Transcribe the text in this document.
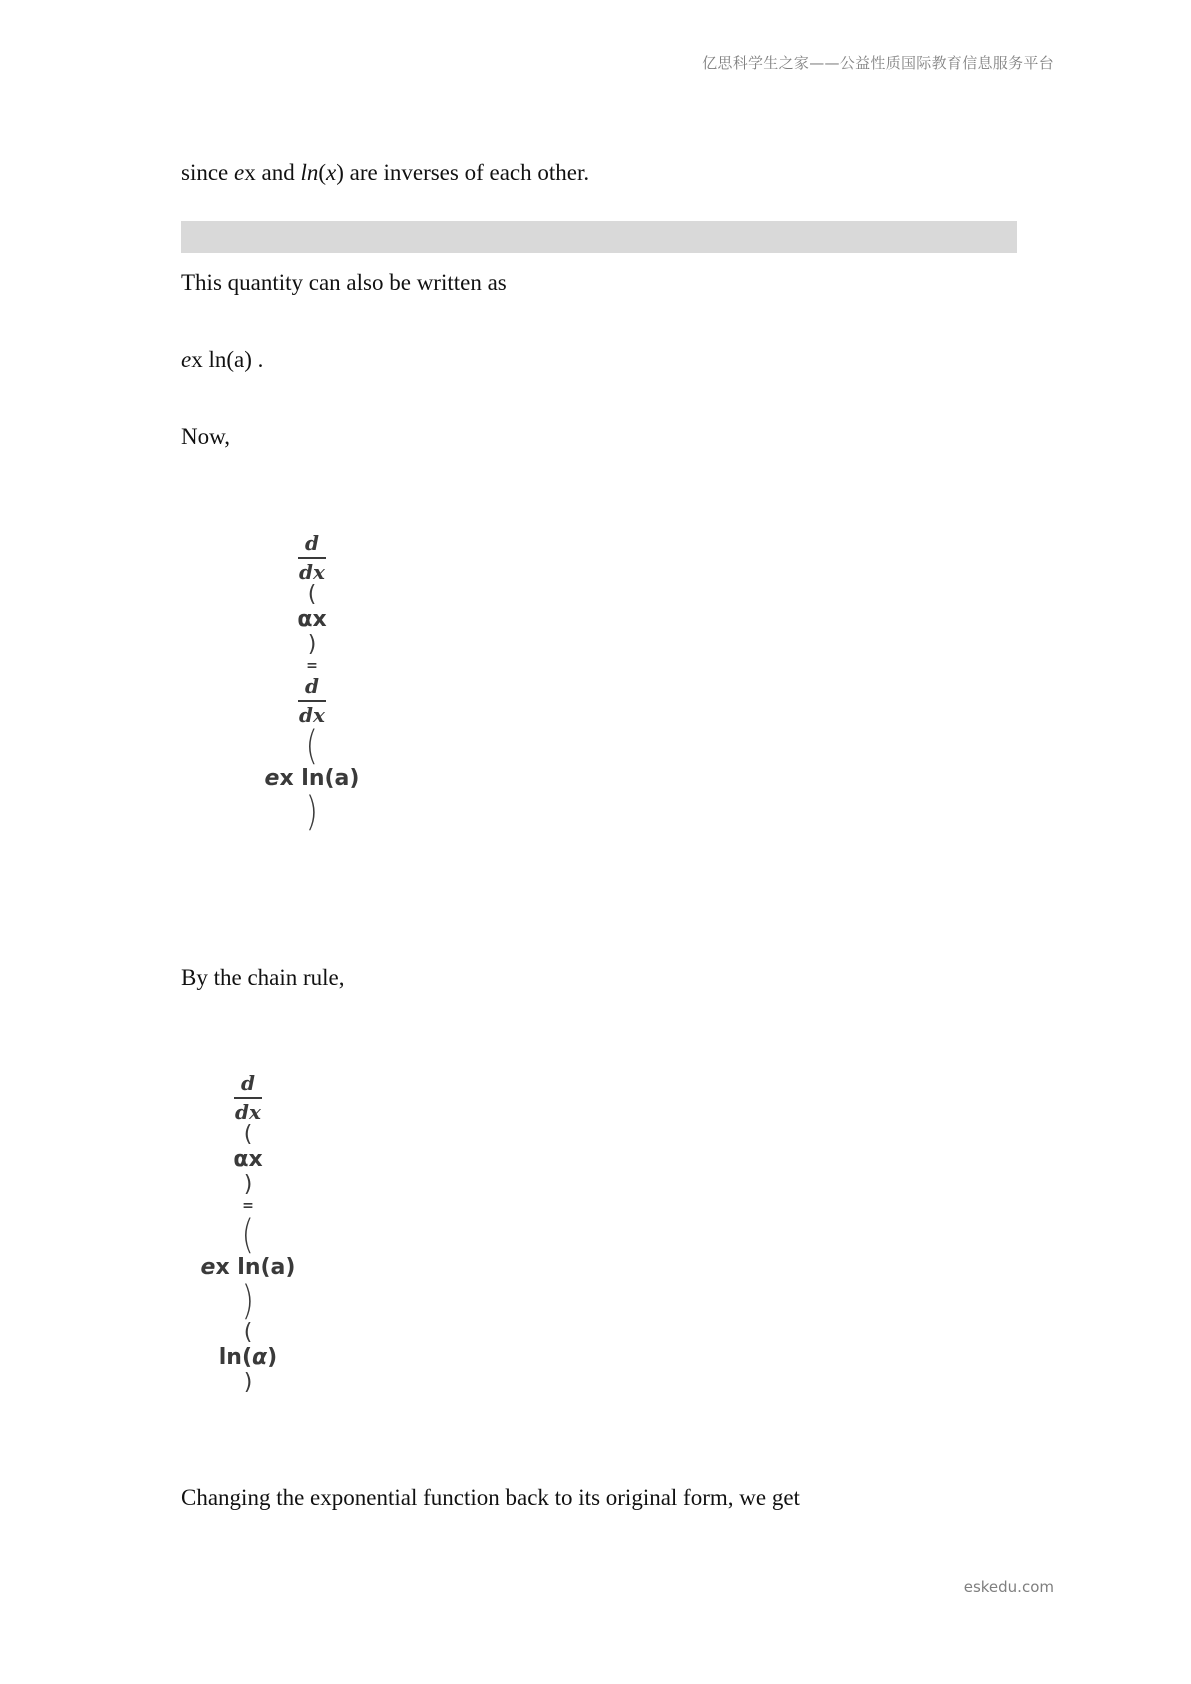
亿思科学生之家——公益性质国际教育信息服务平台
since ex and ln(x) are inverses of each other.
This quantity can also be written as
ex ln(a) .
Now,
$\frac{d}{dx}$
(
αx
)
=
$\frac{d}{dx}$
(
ex ln(a)
)
By the chain rule,
$\frac{d}{dx}$
(
αx
)
=
(
ex ln(a)
)
(
ln(α)
)
Changing the exponential function back to its original form, we get
eskedu.com
